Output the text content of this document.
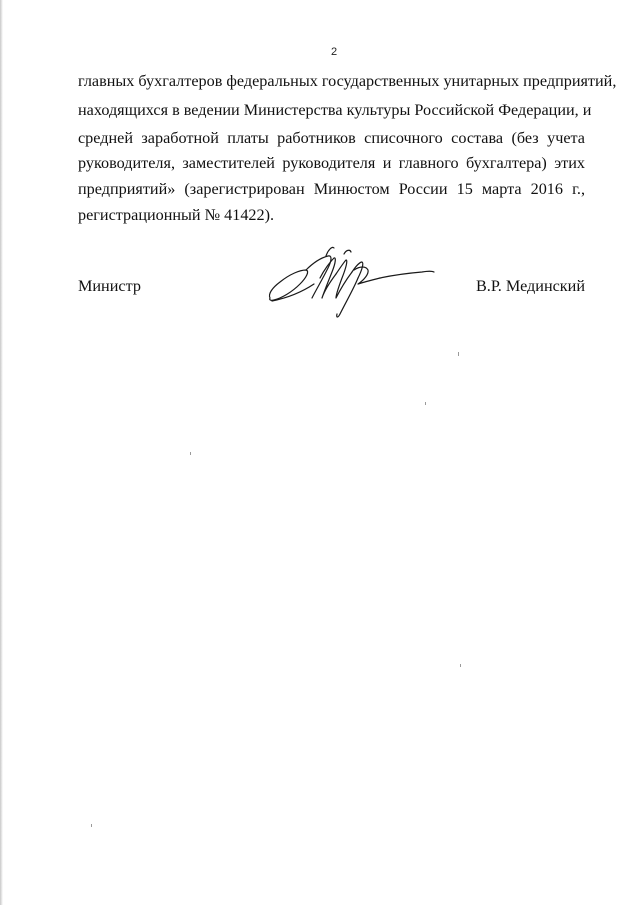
2
главных бухгалтеров федеральных государственных унитарных предприятий,
находящихся в ведении Министерства культуры Российской Федерации, и
средней заработной платы работников списочного состава (без учета
руководителя, заместителей руководителя и главного бухгалтера) этих
предприятий» (зарегистрирован Минюстом России 15 марта 2016 г.,
регистрационный № 41422).
Министр	В.Р. Мединский
